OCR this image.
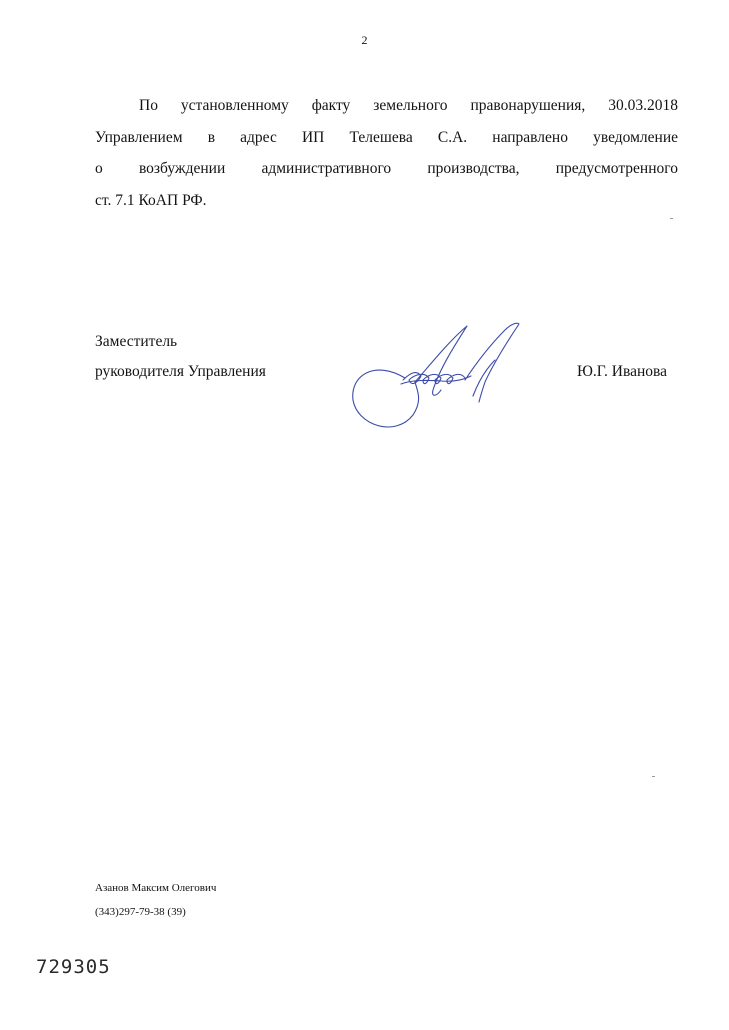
2

По установленному факту земельного правонарушения, 30.03.2018
Управлением в адрес ИП Телешева С.А. направлено уведомление
о возбуждении административного производства, предусмотренного
ст. 7.1 КоАП РФ.

Заместитель
руководителя Управления	Ю.Г. Иванова
Азанов Максим Олегович
(343)297-79-38 (39)
729305
